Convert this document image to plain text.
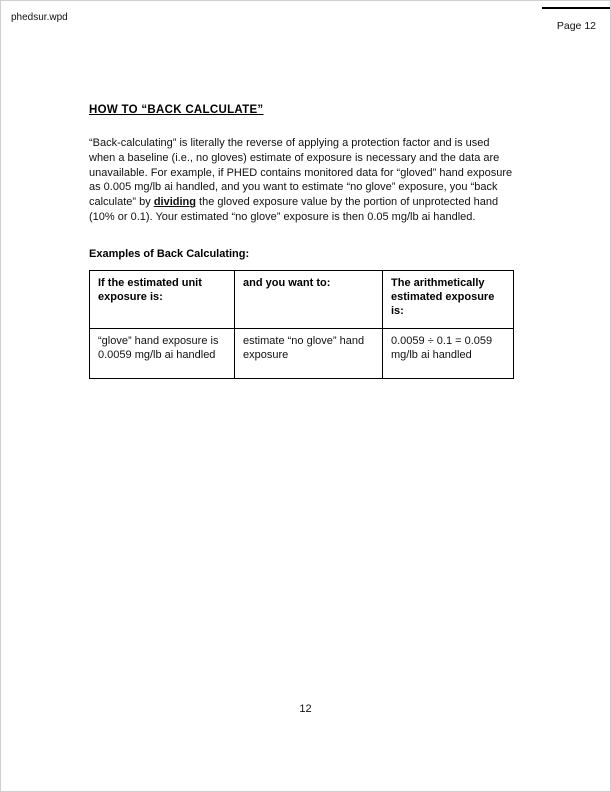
phedsur.wpd
Page 12
HOW TO “BACK CALCULATE”

“Back-calculating” is literally the reverse of applying a protection factor and is used when a baseline (i.e., no gloves) estimate of exposure is necessary and the data are unavailable. For example, if PHED contains monitored data for “gloved” hand exposure as 0.005 mg/lb ai handled, and you want to estimate “no glove” exposure, you “back calculate” by dividing the gloved exposure value by the portion of unprotected hand (10% or 0.1). Your estimated “no glove” exposure is then 0.05 mg/lb ai handled.

Examples of Back Calculating:
If the estimated unit exposure is:	and you want to:	The arithmetically estimated exposure is:
“glove” hand exposure is 0.0059 mg/lb ai handled	estimate “no glove” hand exposure	0.0059 ÷ 0.1 = 0.059 mg/lb ai handled
12
